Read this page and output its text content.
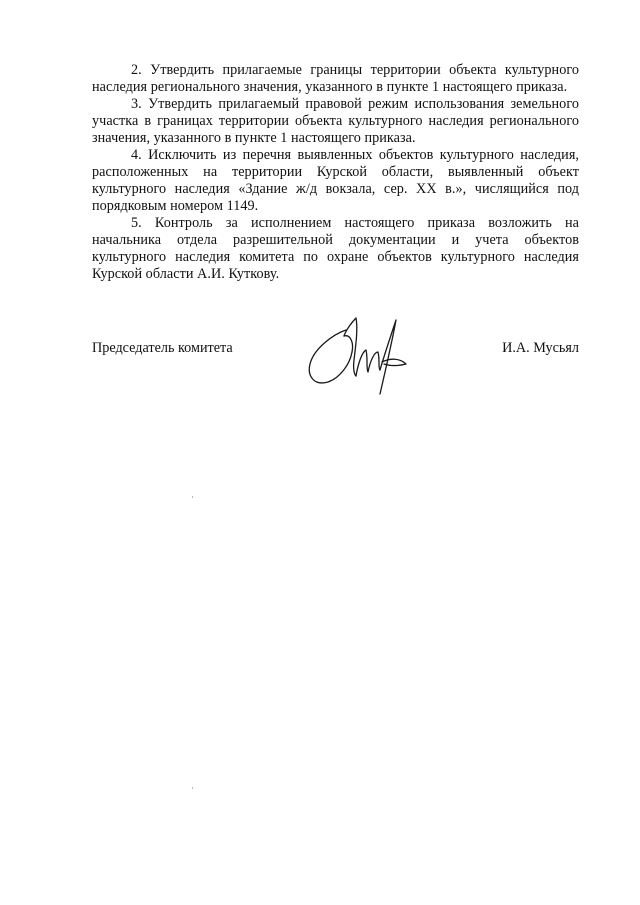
2. Утвердить прилагаемые границы территории объекта культурного наследия регионального значения, указанного в пункте 1 настоящего приказа.

3. Утвердить прилагаемый правовой режим использования земельного участка в границах территории объекта культурного наследия регионального значения, указанного в пункте 1 настоящего приказа.

4. Исключить из перечня выявленных объектов культурного наследия, расположенных на территории Курской области, выявленный объект культурного наследия «Здание ж/д вокзала, сер. XX в.», числящийся под порядковым номером 1149.

5. Контроль за исполнением настоящего приказа возложить на начальника отдела разрешительной документации и учета объектов культурного наследия комитета по охране объектов культурного наследия Курской области А.И. Куткову.

Председатель комитета	И.А. Мусьял
